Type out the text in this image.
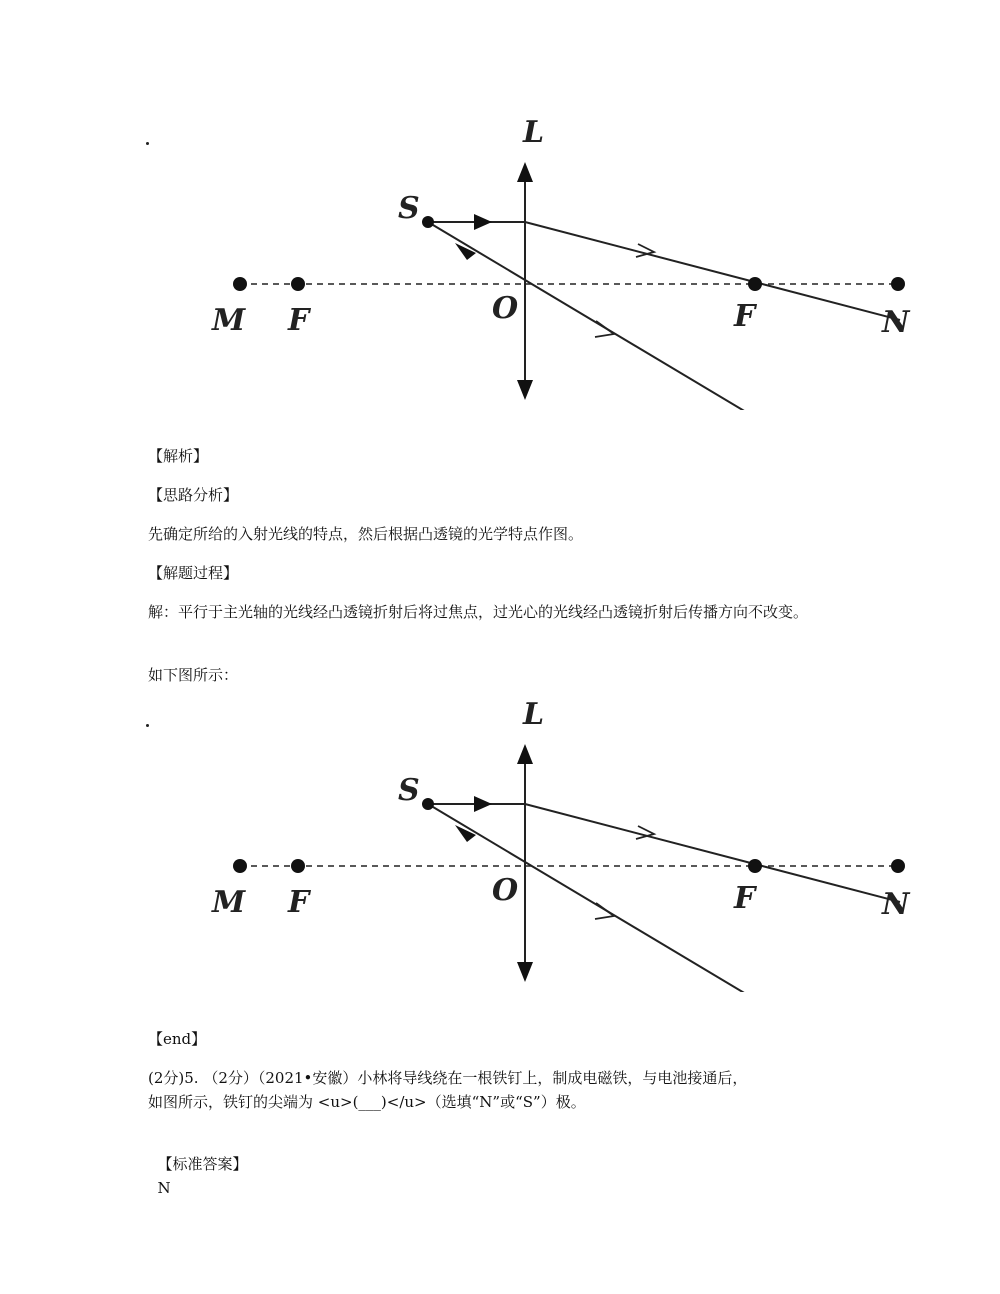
L
S
M F	O	F	N
【解析】
【思路分析】
先确定所给的入射光线的特点，然后根据凸透镜的光学特点作图。
【解题过程】
解：平行于主光轴的光线经凸透镜折射后将过焦点，过光心的光线经凸透镜折射后传播方向不改变。
如下图所示：
L
S
M F	O	F	N
【end】
(2分)5. （2分）（2021•安徽）小林将导线绕在一根铁钉上，制成电磁铁，与电池接通后，
如图所示，铁钉的尖端为 <u>(___)</u>（选填“N”或“S”）极。

【标准答案】
N
